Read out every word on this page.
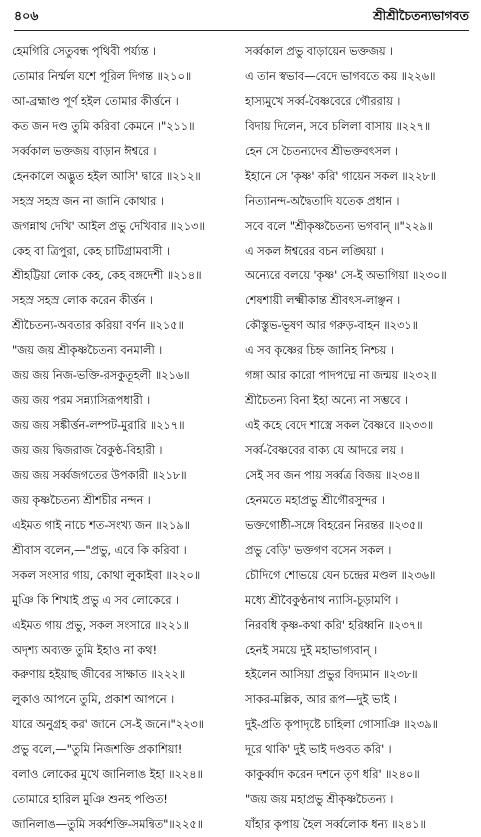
৪০৬	শ্রীশ্রীচৈতন্যভাগবত
হেমগিরি সেতুবন্ধ পৃথিবী পর্য্যন্ত ।
তোমার নির্ম্মল যশে পূরিল দিগন্ত ॥২১০॥
আ-ব্রহ্মাণ্ড পূর্ণ হইল তোমার কীর্ত্তনে ।
কত জন দণ্ড তুমি করিবা কেমনে ।"২১১॥
সর্ব্বকাল ভক্তজয় বাড়ান ঈশ্বরে ।
হেনকালে অদ্ভুত হইল আসি' দ্বারে ॥২১২॥
সহস্র সহস্র জন না জানি কোথার ।
জগন্নাথ দেখি' আইল প্রভু দেখিবার ॥২১৩॥
কেহ বা ত্রিপুরা, কেহ চাটিগ্রামবাসী ।
শ্রীহট্টিয়া লোক কেহ, কেহ বঙ্গদেশী ॥২১৪॥
সহস্র সহস্র লোক করেন কীর্ত্তন ।
শ্রীচৈতন্য-অবতার করিয়া বর্ণন ॥২১৫॥
"জয় জয় শ্রীকৃষ্ণচৈতন্য বনমালী ।
জয় জয় নিজ-ভক্তি-রসকুতূহলী ॥২১৬॥
জয় জয় পরম সন্ন্যাসিরূপধারী ।
জয় জয় সঙ্কীর্ত্তন-লম্পট-মুরারি ॥২১৭॥
জয় জয় দ্বিজরাজ বৈকুণ্ঠ-বিহারী ।
জয় জয় সর্ব্বজগতের উপকারী ॥২১৮॥
জয় কৃষ্ণচৈতন্য শ্রীশচীর নন্দন ।
এইমত গাই নাচে শত-সংখ্য জন ॥২১৯॥
শ্রীবাস বলেন,—"প্রভু, এবে কি করিবা ।
সকল সংসার গায়, কোথা লুকাইবা ॥২২০॥
মুঞি কি শিখাই প্রভু এ সব লোকেরে ।
এইমত গায় প্রভু, সকল সংসারে ॥২২১॥
অদৃশ্য অব্যক্ত তুমি ইহাও না কথ!
করুণায় হইয়াছ জীবের সাক্ষাত ॥২২২॥
লুকাও আপনে তুমি, প্রকাশ আপনে ।
যারে অনুগ্রহ কর' জানে সে-ই জনে।"২২৩॥
প্রভু বলে,—"তুমি নিজশক্তি প্রকাশিয়া!
বলাও লোকের মুখে জানিলাঙ ইহা ॥২২৪॥
তোমারে হারিল মুঞি শুনহ পণ্ডিত!
জানিলাঙ—তুমি সর্ব্বশক্তি-সমন্বিত"॥২২৫॥
সর্ব্বকাল প্রভু বাড়ায়েন ভক্তজয় ।
এ তান স্বভাব—বেদে ভাগবতে কয় ॥২২৬॥
হাস্যমুখে সর্ব্ব-বৈষ্ণবেরে গৌররায় ।
বিদায় দিলেন, সবে চলিলা বাসায় ॥২২৭॥
হেন সে চৈতন্যদেব শ্রীভক্তবৎসল ।
ইহানে সে 'কৃষ্ণ' করি' গায়েন সকল ॥২২৮॥
নিত্যানন্দ-অদ্বৈতাদি যতেক প্রধান ।
সবে বলে "শ্রীকৃষ্ণচৈতন্য ভগবান্ ॥"২২৯॥
এ সকল ঈশ্বরের বচন লঙ্ঘিয়া ।
অন্যেরে বলয়ে 'কৃষ্ণ' সে-ই অভাগিয়া ॥২৩০॥
শেষশায়ী লক্ষ্মীকান্ত শ্রীবৎস-লাঞ্ছন ।
কৌস্তুভ-ভূষণ আর গরুড়-বাহন ॥২৩১॥
এ সব কৃষ্ণের চিহ্ন জানিহ নিশ্চয় ।
গঙ্গা আর কারো পাদপদ্মে না জন্ময় ॥২৩২॥
শ্রীচৈতন্য বিনা ইহা অন্যে না সম্ভবে ।
এই কহে বেদে শাস্ত্রে সকল বৈষ্ণবে ॥২৩৩॥
সর্ব্ব-বৈষ্ণবের বাক্য যে আদরে লয় ।
সেই সব জন পায় সর্ব্বত্র বিজয় ॥২৩৪॥
হেনমতে মহাপ্রভু শ্রীগৌরসুন্দর ।
ভক্তগোষ্ঠী-সঙ্গে বিহরেন নিরন্তর ॥২৩৫॥
প্রভু বেড়ি' ভক্তগণ বসেন সকল ।
চৌদিগে শোভয়ে যেন চন্দ্রের মণ্ডল ॥২৩৬॥
মধ্যে শ্রীবৈকুণ্ঠনাথ ন্যাসি-চূড়ামণি ।
নিরবধি কৃষ্ণ-কথা করি' হরিধ্বনি ॥২৩৭॥
হেনই সময়ে দুই মহাভাগ্যবান্ ।
হইলেন আসিয়া প্রভুর বিদ্যমান ॥২৩৮॥
সাকর-মল্লিক, আর রূপ—দুই ভাই ।
দুই-প্রতি কৃপাদৃষ্টে চাহিলা গোসাঞি ॥২৩৯॥
দূরে থাকি' দুই ভাই দণ্ডবত করি' ।
কাকুর্ব্বাদ করেন দশনে তৃণ ধরি' ॥২৪০॥
"জয় জয় মহাপ্রভু শ্রীকৃষ্ণচৈতন্য ।
যাঁহার কৃপায় হৈল সর্ব্বলোক ধন্য ॥২৪১॥
